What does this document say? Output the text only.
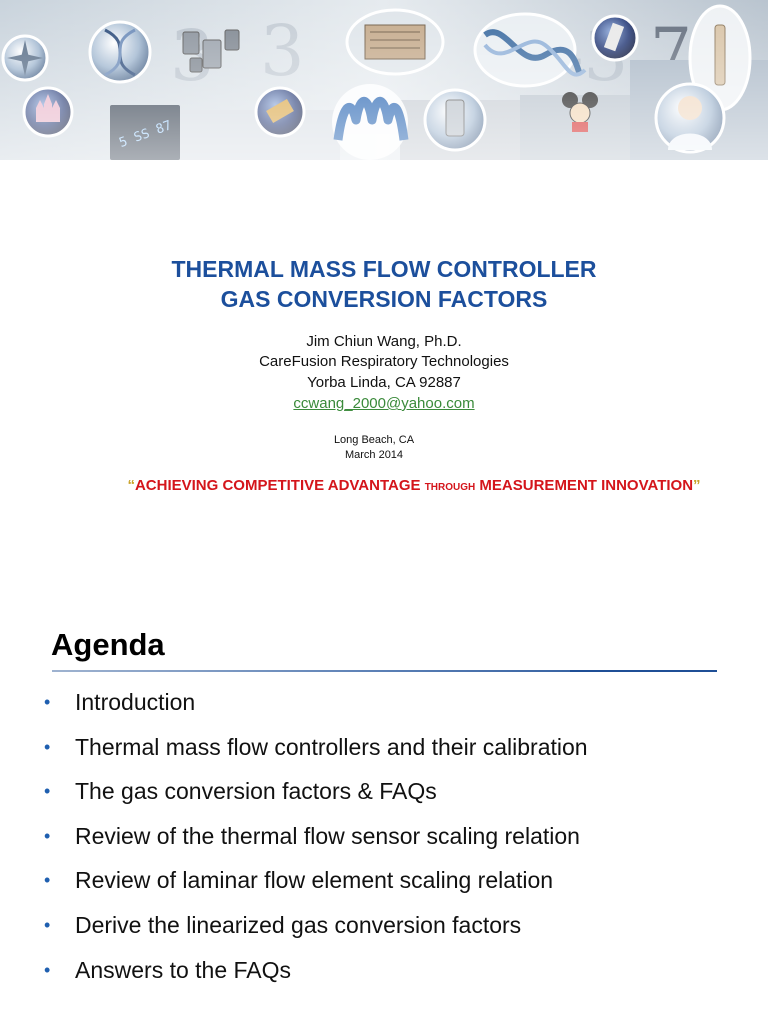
THERMAL MASS FLOW CONTROLLER
GAS CONVERSION FACTORS
Jim Chiun Wang, Ph.D.
CareFusion Respiratory Technologies
Yorba Linda, CA 92887
ccwang_2000@yahoo.com
Long Beach, CA
March 2014
“ACHIEVING COMPETITIVE ADVANTAGE THROUGH MEASUREMENT INNOVATION”
Agenda
• Introduction
• Thermal mass flow controllers and their calibration
• The gas conversion factors & FAQs
• Review of the thermal flow sensor scaling relation
• Review of laminar flow element scaling relation
• Derive the linearized gas conversion factors
• Answers to the FAQs
